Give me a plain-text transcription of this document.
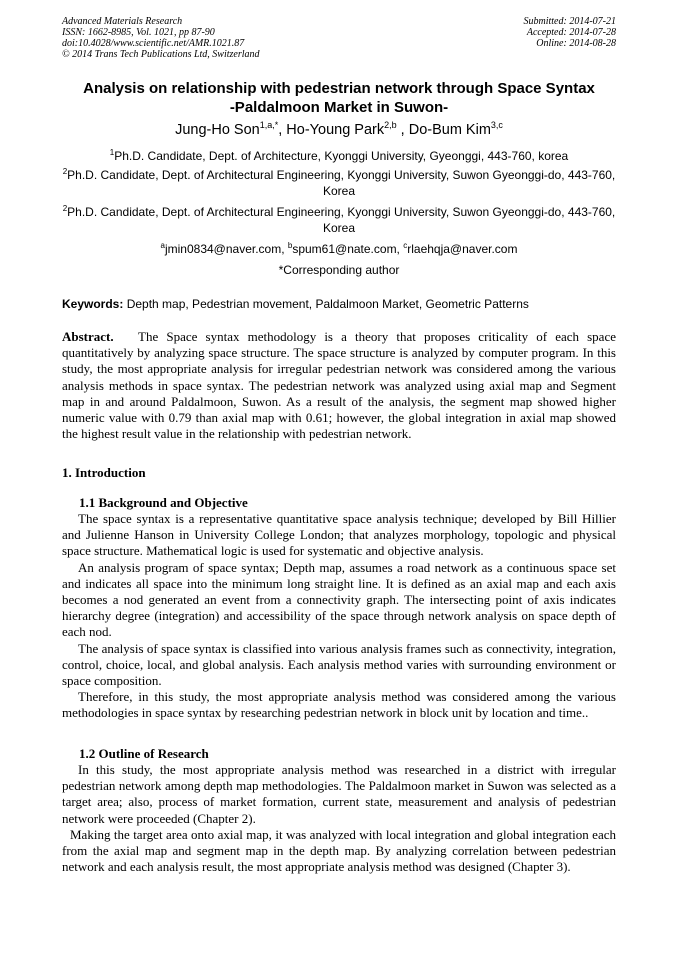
Advanced Materials Research
ISSN: 1662-8985, Vol. 1021, pp 87-90
doi:10.4028/www.scientific.net/AMR.1021.87
© 2014 Trans Tech Publications Ltd, Switzerland
Submitted: 2014-07-21
Accepted: 2014-07-28
Online: 2014-08-28
Analysis on relationship with pedestrian network through Space Syntax
-Paldalmoon Market in Suwon-
Jung-Ho Son$^{1,a,*}$, Ho-Young Park$^{2,b}$ , Do-Bum Kim$^{3,c}$
$^1$Ph.D. Candidate, Dept. of Architecture, Kyonggi University, Gyeonggi, 443-760, korea
$^2$Ph.D. Candidate, Dept. of Architectural Engineering, Kyonggi University, Suwon Gyeonggi-do, 443-760, Korea
$^2$Ph.D. Candidate, Dept. of Architectural Engineering, Kyonggi University, Suwon Gyeonggi-do, 443-760, Korea
$^a$jmin0834@naver.com, $^b$spum61@nate.com, $^c$rlaehqja@naver.com
*Corresponding author
Keywords: Depth map, Pedestrian movement, Paldalmoon Market, Geometric Patterns
Abstract. The Space syntax methodology is a theory that proposes criticality of each space quantitatively by analyzing space structure. The space structure is analyzed by computer program. In this study, the most appropriate analysis for irregular pedestrian network was considered among the various analysis methods in space syntax. The pedestrian network was analyzed using axial map and Segment map in and around Paldalmoon, Suwon. As a result of the analysis, the segment map showed higher numeric value with 0.79 than axial map with 0.61; however, the global integration in axial map showed the highest result value in the relationship with pedestrian network.
1. Introduction
1.1 Background and Objective

The space syntax is a representative quantitative space analysis technique; developed by Bill Hillier and Julienne Hanson in University College London; that analyzes morphology, topologic and physical space structure. Mathematical logic is used for systematic and objective analysis.

An analysis program of space syntax; Depth map, assumes a road network as a continuous space set and indicates all space into the minimum long straight line. It is defined as an axial map and each axis becomes a nod generated an event from a connectivity graph. The intersecting point of axis indicates hierarchy degree (integration) and accessibility of the space through network analysis on space depth of each nod.

The analysis of space syntax is classified into various analysis frames such as connectivity, integration, control, choice, local, and global analysis. Each analysis method varies with surrounding environment or space composition.

Therefore, in this study, the most appropriate analysis method was considered among the various methodologies in space syntax by researching pedestrian network in block unit by location and time..

1.2 Outline of Research

In this study, the most appropriate analysis method was researched in a district with irregular pedestrian network among depth map methodologies. The Paldalmoon market in Suwon was selected as a target area; also, process of market formation, current state, measurement and analysis of pedestrian network were proceeded (Chapter 2).

Making the target area onto axial map, it was analyzed with local integration and global integration each from the axial map and segment map in the depth map. By analyzing correlation between pedestrian network and each analysis result, the most appropriate analysis method was designed (Chapter 3).
